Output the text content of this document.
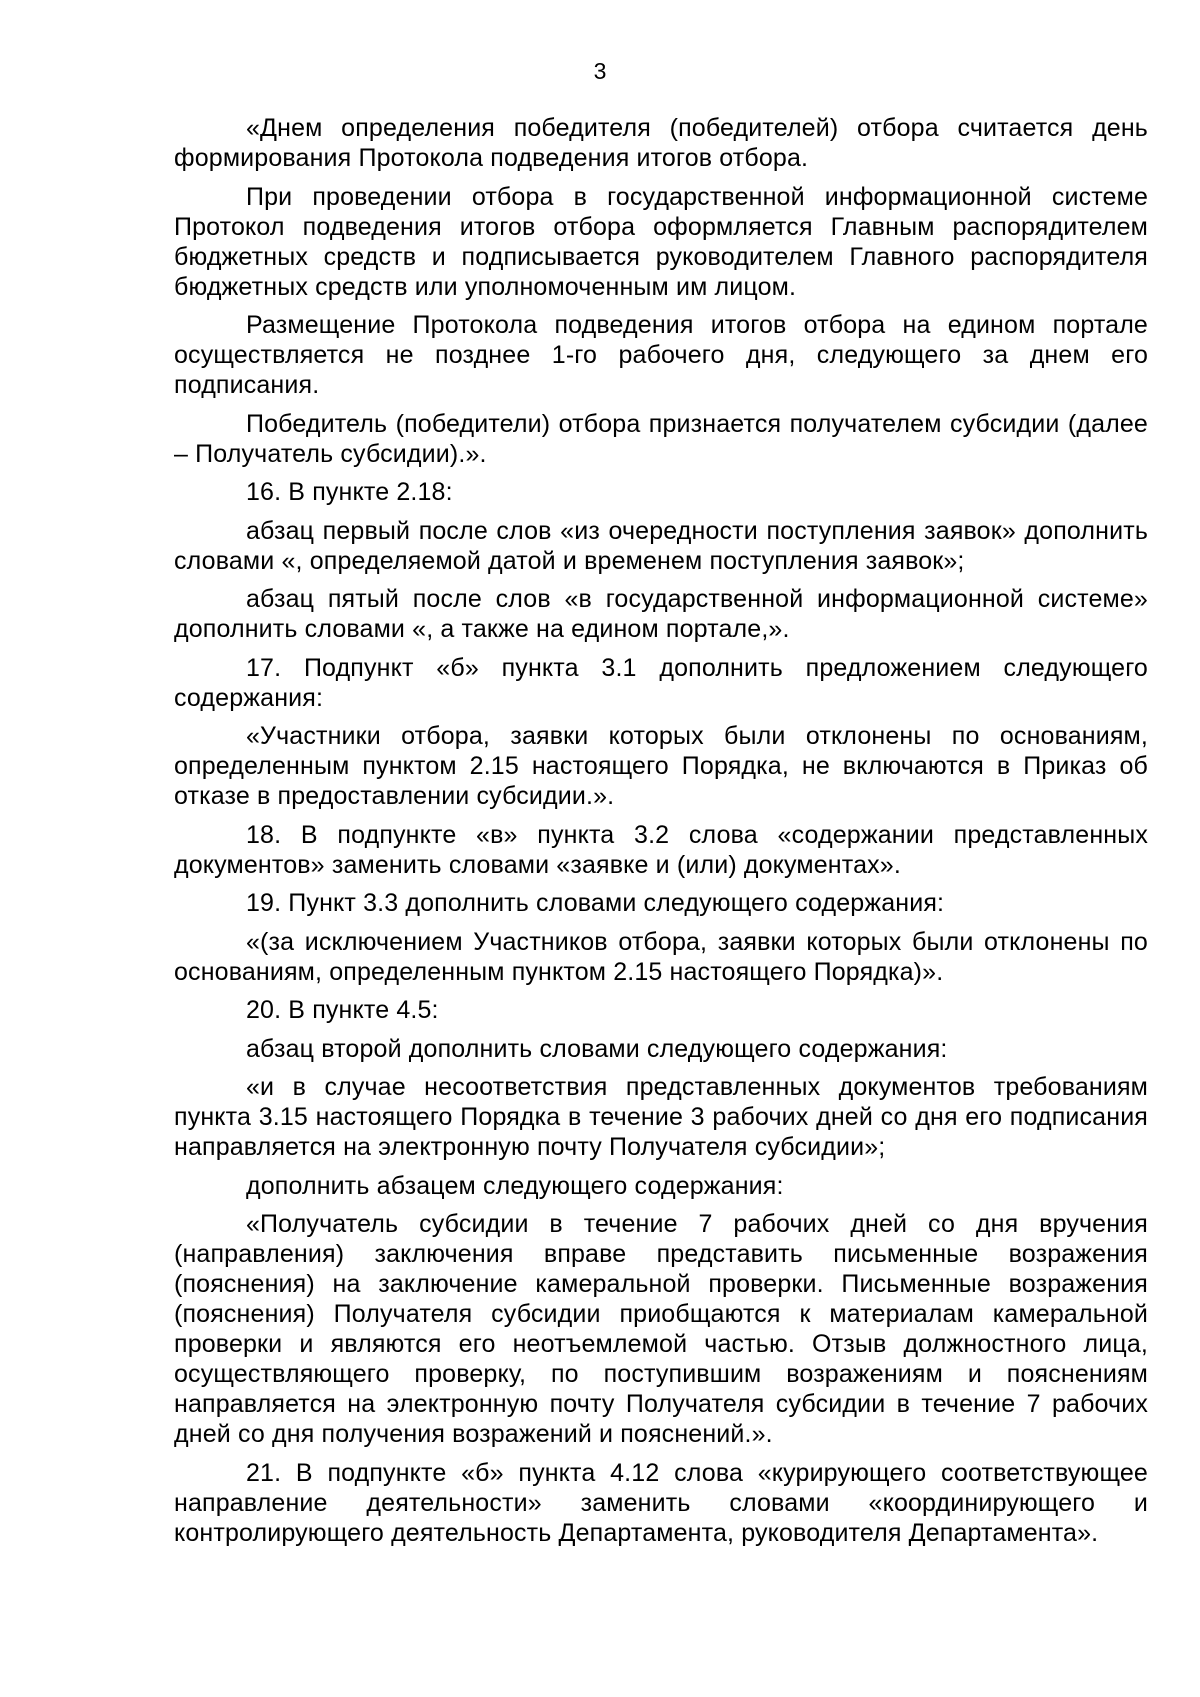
3

«Днем определения победителя (победителей) отбора считается день формирования Протокола подведения итогов отбора.

При проведении отбора в государственной информационной системе Протокол подведения итогов отбора оформляется Главным распорядителем бюджетных средств и подписывается руководителем Главного распорядителя бюджетных средств или уполномоченным им лицом.

Размещение Протокола подведения итогов отбора на едином портале осуществляется не позднее 1-го рабочего дня, следующего за днем его подписания.

Победитель (победители) отбора признается получателем субсидии (далее – Получатель субсидии).».

16. В пункте 2.18:

абзац первый после слов «из очередности поступления заявок» дополнить словами «, определяемой датой и временем поступления заявок»;

абзац пятый после слов «в государственной информационной системе» дополнить словами «, а также на едином портале,».

17. Подпункт «б» пункта 3.1 дополнить предложением следующего содержания:

«Участники отбора, заявки которых были отклонены по основаниям, определенным пунктом 2.15 настоящего Порядка, не включаются в Приказ об отказе в предоставлении субсидии.».

18. В подпункте «в» пункта 3.2 слова «содержании представленных документов» заменить словами «заявке и (или) документах».

19. Пункт 3.3 дополнить словами следующего содержания:

«(за исключением Участников отбора, заявки которых были отклонены по основаниям, определенным пунктом 2.15 настоящего Порядка)».

20. В пункте 4.5:

абзац второй дополнить словами следующего содержания:

«и в случае несоответствия представленных документов требованиям пункта 3.15 настоящего Порядка в течение 3 рабочих дней со дня его подписания направляется на электронную почту Получателя субсидии»;

дополнить абзацем следующего содержания:

«Получатель субсидии в течение 7 рабочих дней со дня вручения (направления) заключения вправе представить письменные возражения (пояснения) на заключение камеральной проверки. Письменные возражения (пояснения) Получателя субсидии приобщаются к материалам камеральной проверки и являются его неотъемлемой частью. Отзыв должностного лица, осуществляющего проверку, по поступившим возражениям и пояснениям направляется на электронную почту Получателя субсидии в течение 7 рабочих дней со дня получения возражений и пояснений.».

21. В подпункте «б» пункта 4.12 слова «курирующего соответствующее направление деятельности» заменить словами «координирующего и контролирующего деятельность Департамента, руководителя Департамента».
